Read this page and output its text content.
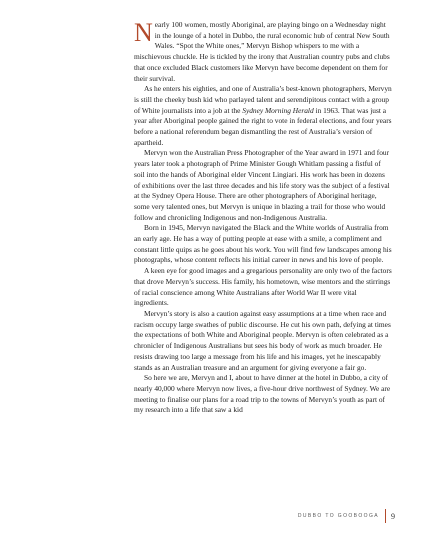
Nearly 100 women, mostly Aboriginal, are playing bingo on a Wednesday night in the lounge of a hotel in Dubbo, the rural economic hub of central New South Wales. “Spot the White ones,” Mervyn Bishop whispers to me with a mischievous chuckle. He is tickled by the irony that Australian country pubs and clubs that once excluded Black customers like Mervyn have become dependent on them for their survival.

As he enters his eighties, and one of Australia’s best-known photographers, Mervyn is still the cheeky bush kid who parlayed talent and serendipitous contact with a group of White journalists into a job at the Sydney Morning Herald in 1963. That was just a year after Aboriginal people gained the right to vote in federal elections, and four years before a national referendum began dismantling the rest of Australia’s version of apartheid.

Mervyn won the Australian Press Photographer of the Year award in 1971 and four years later took a photograph of Prime Minister Gough Whitlam passing a fistful of soil into the hands of Aboriginal elder Vincent Lingiari. His work has been in dozens of exhibitions over the last three decades and his life story was the subject of a festival at the Sydney Opera House. There are other photographers of Aboriginal heritage, some very talented ones, but Mervyn is unique in blazing a trail for those who would follow and chronicling Indigenous and non-Indigenous Australia.

Born in 1945, Mervyn navigated the Black and the White worlds of Australia from an early age. He has a way of putting people at ease with a smile, a compliment and constant little quips as he goes about his work. You will find few landscapes among his photographs, whose content reflects his initial career in news and his love of people.

A keen eye for good images and a gregarious personality are only two of the factors that drove Mervyn’s success. His family, his hometown, wise mentors and the stirrings of racial conscience among White Australians after World War II were vital ingredients.

Mervyn’s story is also a caution against easy assumptions at a time when race and racism occupy large swathes of public discourse. He cut his own path, defying at times the expectations of both White and Aboriginal people. Mervyn is often celebrated as a chronicler of Indigenous Australians but sees his body of work as much broader. He resists drawing too large a message from his life and his images, yet he inescapably stands as an Australian treasure and an argument for giving everyone a fair go.

So here we are, Mervyn and I, about to have dinner at the hotel in Dubbo, a city of nearly 40,000 where Mervyn now lives, a five-hour drive northwest of Sydney. We are meeting to finalise our plans for a road trip to the towns of Mervyn’s youth as part of my research into a life that saw a kid

DUBBO TO GOOBOOGA 9
